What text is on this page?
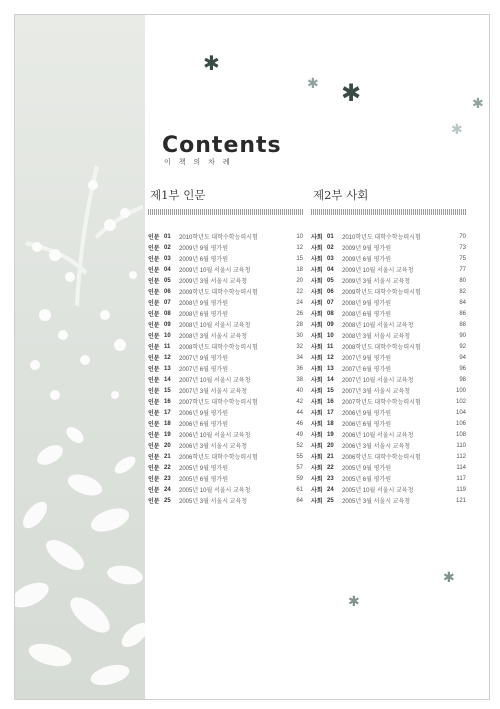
✱
✱ ✱	✱
✱
✱
✱
Contents
이 책 의 차 례
제1부 인문
인문 01	2010학년도 대학수학능력시험	10
인문 02	2009년 9월 평가원	12
인문 03	2009년 6월 평가원	15
인문 04	2009년 10월 서울시 교육청	18
인문 05	2009년 3월 서울시 교육청	20
인문 06	2009학년도 대학수학능력시험	22
인문 07	2008년 9월 평가원	24
인문 08	2008년 6월 평가원	26
인문 09	2008년 10월 서울시 교육청	28
인문 10	2008년 3월 서울시 교육청	30
인문 11	2008학년도 대학수학능력시험	32
인문 12	2007년 9월 평가원	34
인문 13	2007년 6월 평가원	36
인문 14	2007년 10월 서울시 교육청	38
인문 15	2007년 3월 서울시 교육청	40
인문 16	2007학년도 대학수학능력시험	42
인문 17	2006년 9월 평가원	44
인문 18	2006년 6월 평가원	46
인문 19	2006년 10월 서울시 교육청	49
인문 20	2006년 3월 서울시 교육청	52
인문 21	2006학년도 대학수학능력시험	55
인문 22	2005년 9월 평가원	57
인문 23	2005년 6월 평가원	59
인문 24	2005년 10월 서울시 교육청	61
인문 25	2005년 3월 서울시 교육청	64
제2부 사회
사회 01	2010학년도 대학수학능력시험	70
사회 02	2009년 9월 평가원	73
사회 03	2009년 6월 평가원	75
사회 04	2009년 10월 서울시 교육청	77
사회 05	2009년 3월 서울시 교육청	80
사회 06	2009학년도 대학수학능력시험	82
사회 07	2008년 9월 평가원	84
사회 08	2008년 6월 평가원	86
사회 09	2008년 10월 서울시 교육청	88
사회 10	2008년 3월 서울시 교육청	90
사회 11	2008학년도 대학수학능력시험	92
사회 12	2007년 9월 평가원	94
사회 13	2007년 6월 평가원	96
사회 14	2007년 10월 서울시 교육청	98
사회 15	2007년 3월 서울시 교육청	100
사회 16	2007학년도 대학수학능력시험	102
사회 17	2006년 9월 평가원	104
사회 18	2006년 6월 평가원	106
사회 19	2006년 10월 서울시 교육청	108
사회 20	2006년 3월 서울시 교육청	110
사회 21	2006학년도 대학수학능력시험	112
사회 22	2005년 9월 평가원	114
사회 23	2005년 6월 평가원	117
사회 24	2005년 10월 서울시 교육청	119
사회 25	2005년 3월 서울시 교육청	121
